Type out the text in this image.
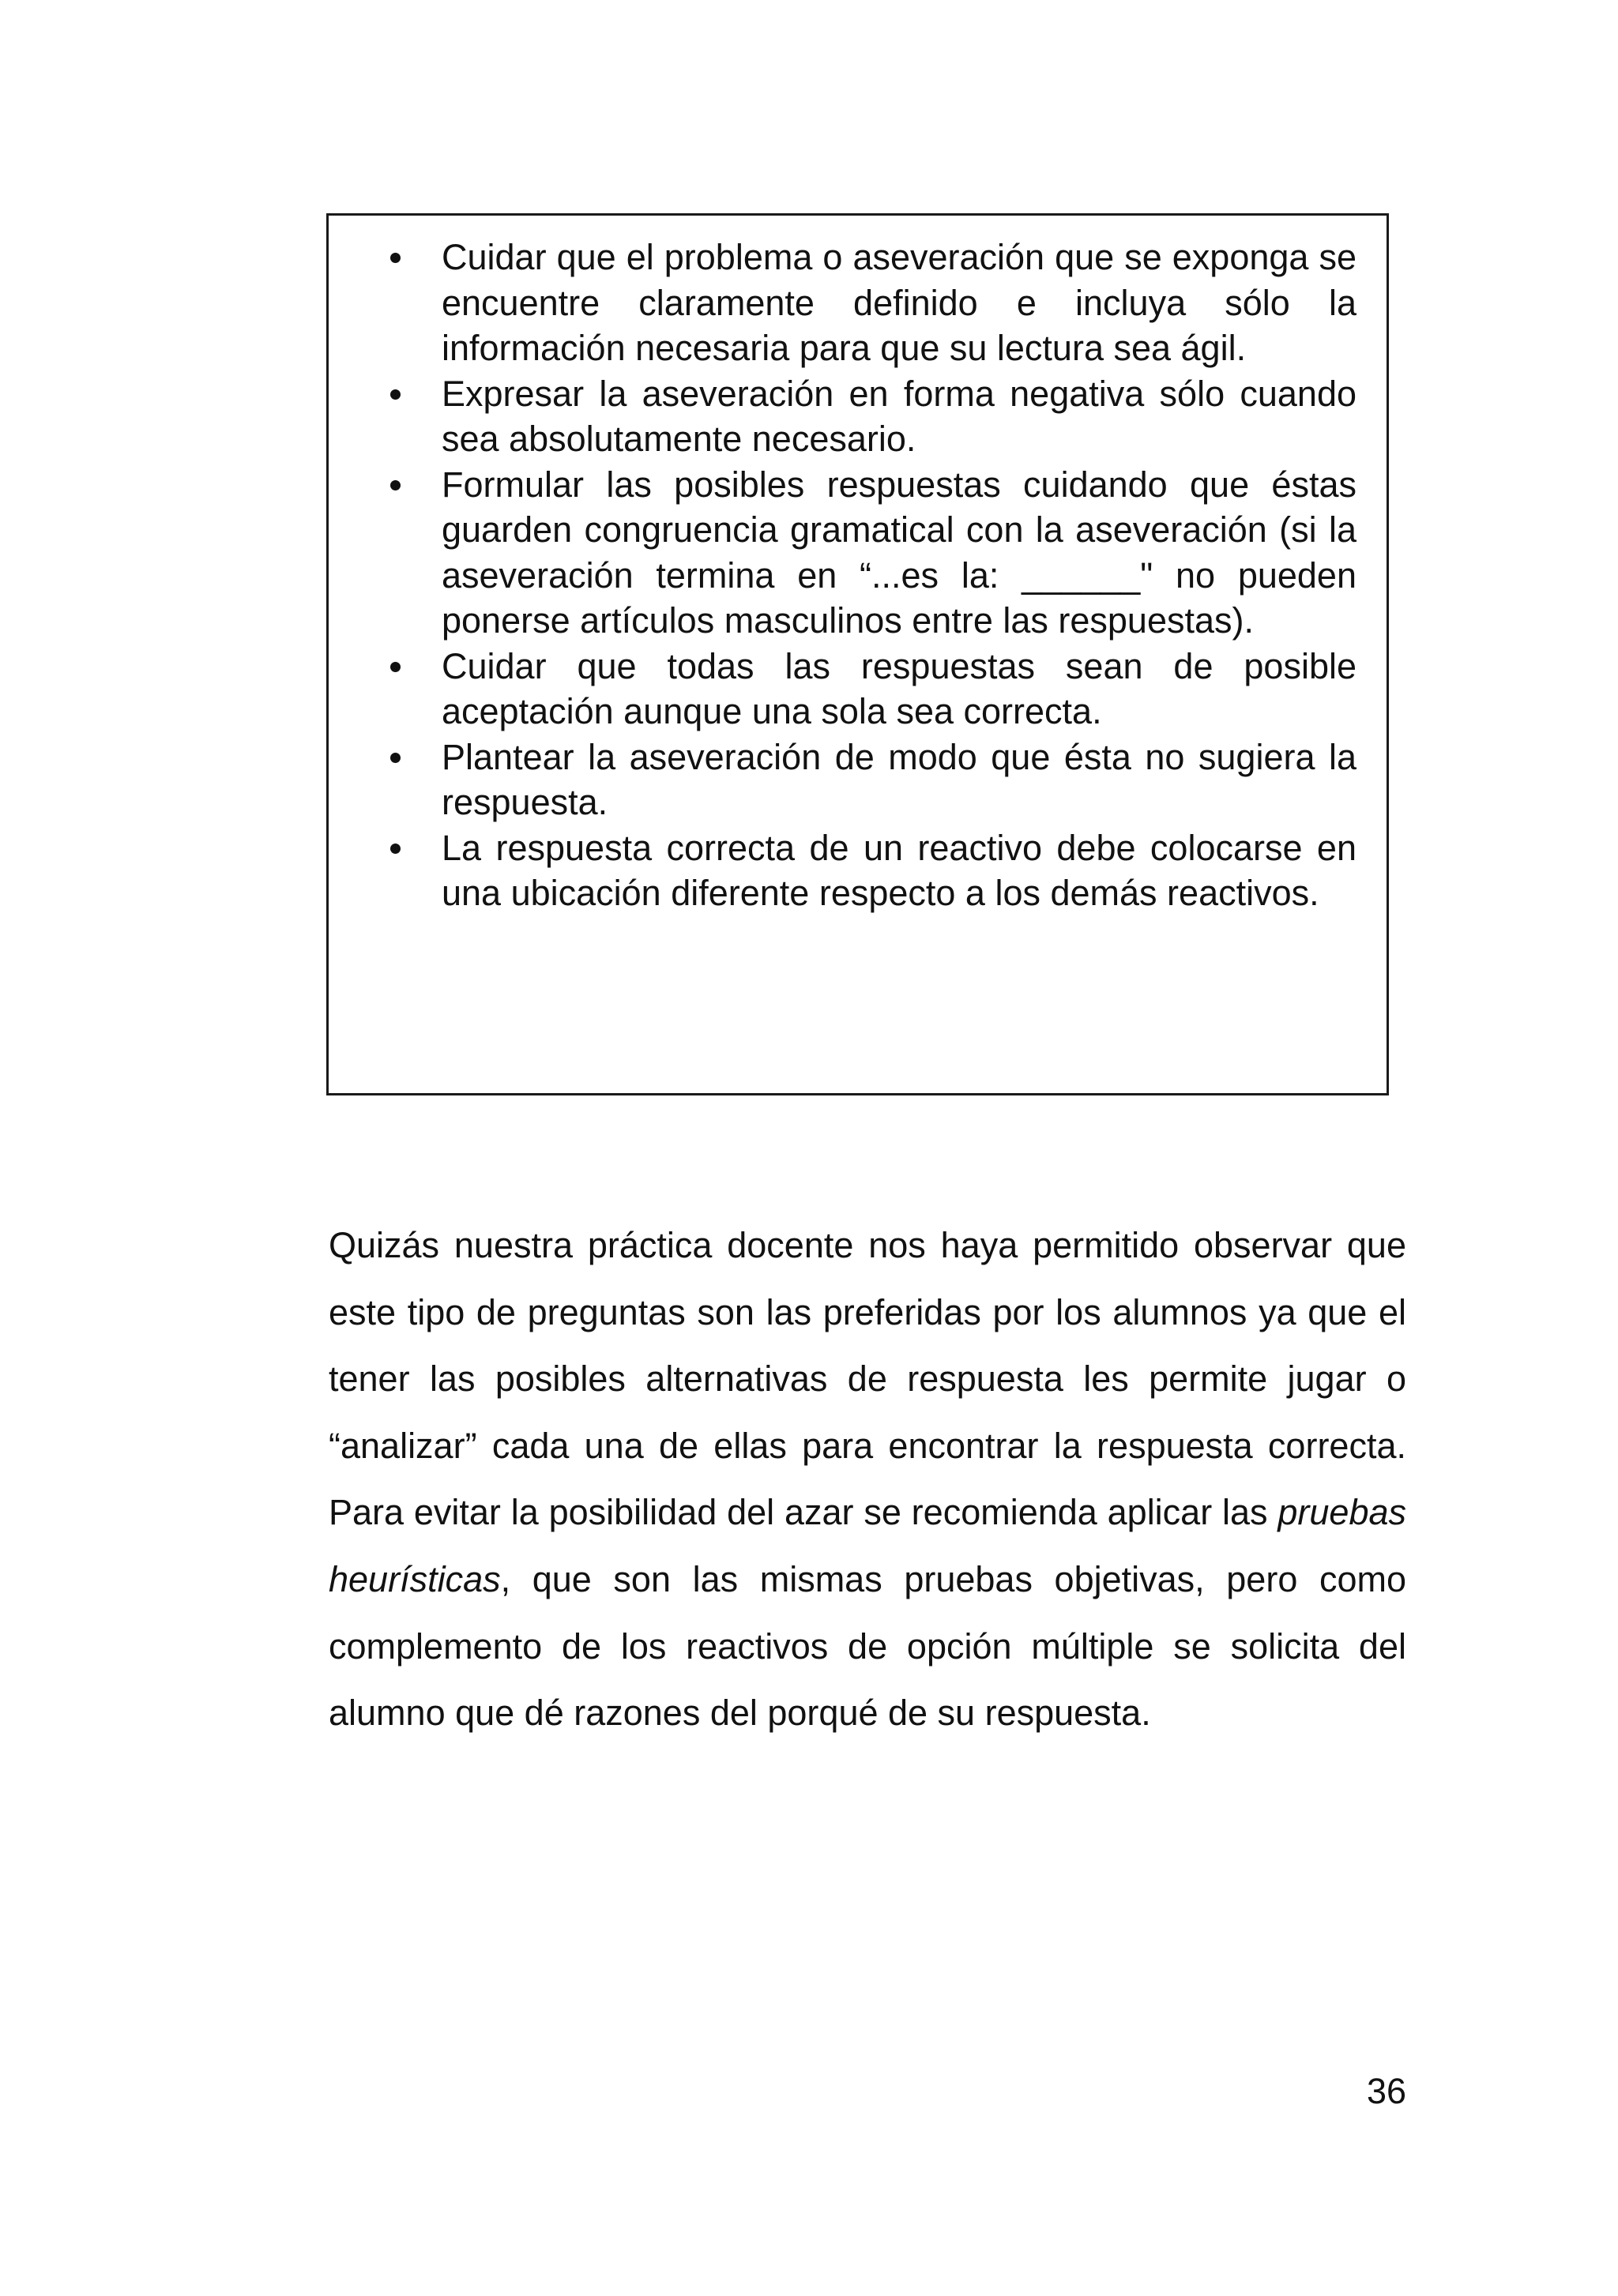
Cuidar que el problema o aseveración que se exponga se encuentre claramente definido e incluya sólo la información necesaria para que su lectura sea ágil.
Expresar la aseveración en forma negativa sólo cuando sea absolutamente necesario.
Formular las posibles respuestas cuidando que éstas guarden congruencia gramatical con la aseveración (si la aseveración termina en “...es la: ______" no pueden ponerse artículos masculinos entre las respuestas).
Cuidar que todas las respuestas sean de posible aceptación aunque una sola sea correcta.
Plantear la aseveración de modo que ésta no sugiera la respuesta.
La respuesta correcta de un reactivo debe colocarse en una ubicación diferente respecto a los demás reactivos.

Quizás nuestra práctica docente nos haya permitido observar que este tipo de preguntas son las preferidas por los alumnos ya que el tener las posibles alternativas de respuesta les permite jugar o “analizar” cada una de ellas para encontrar la respuesta correcta. Para evitar la posibilidad del azar se recomienda aplicar las pruebas heurísticas, que son las mismas pruebas objetivas, pero como complemento de los reactivos de opción múltiple se solicita del alumno que dé razones del porqué de su respuesta.

36
